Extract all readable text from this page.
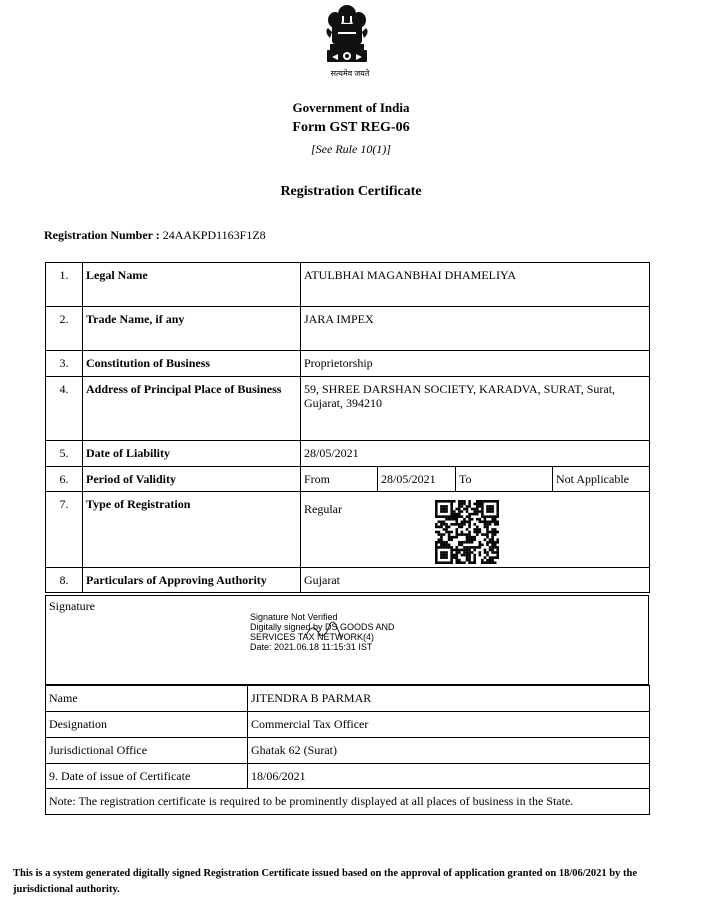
सत्यमेव जयते
Government of India
Form GST REG-06
[See Rule 10(1)]
Registration Certificate
Registration Number : 24AAKPD1163F1Z8
1.	Legal Name	ATULBHAI MAGANBHAI DHAMELIYA			
2.	Trade Name, if any	JARA IMPEX			
3.	Constitution of Business	Proprietorship			
4.	Address of Principal Place of Business	59, SHREE DARSHAN SOCIETY, KARADVA, SURAT, Surat, Gujarat, 394210			
5.	Date of Liability	28/05/2021			
6.	Period of Validity	From	28/05/2021	To	Not Applicable
7.	Type of Registration	Regular			
8.	Particulars of Approving Authority	Gujarat			
Signature
Signature Not Verified
Digitally signed by DS GOODS AND
SERVICES TAX NETWORK(4)
Date: 2021.06.18 11:15:31 IST
Name	JITENDRA B PARMAR
Designation	Commercial Tax Officer
Jurisdictional Office	Ghatak 62 (Surat)
9. Date of issue of Certificate	18/06/2021
Note: The registration certificate is required to be prominently displayed at all places of business in the State.	
This is a system generated digitally signed Registration Certificate issued based on the approval of application granted on 18/06/2021 by the jurisdictional authority.
